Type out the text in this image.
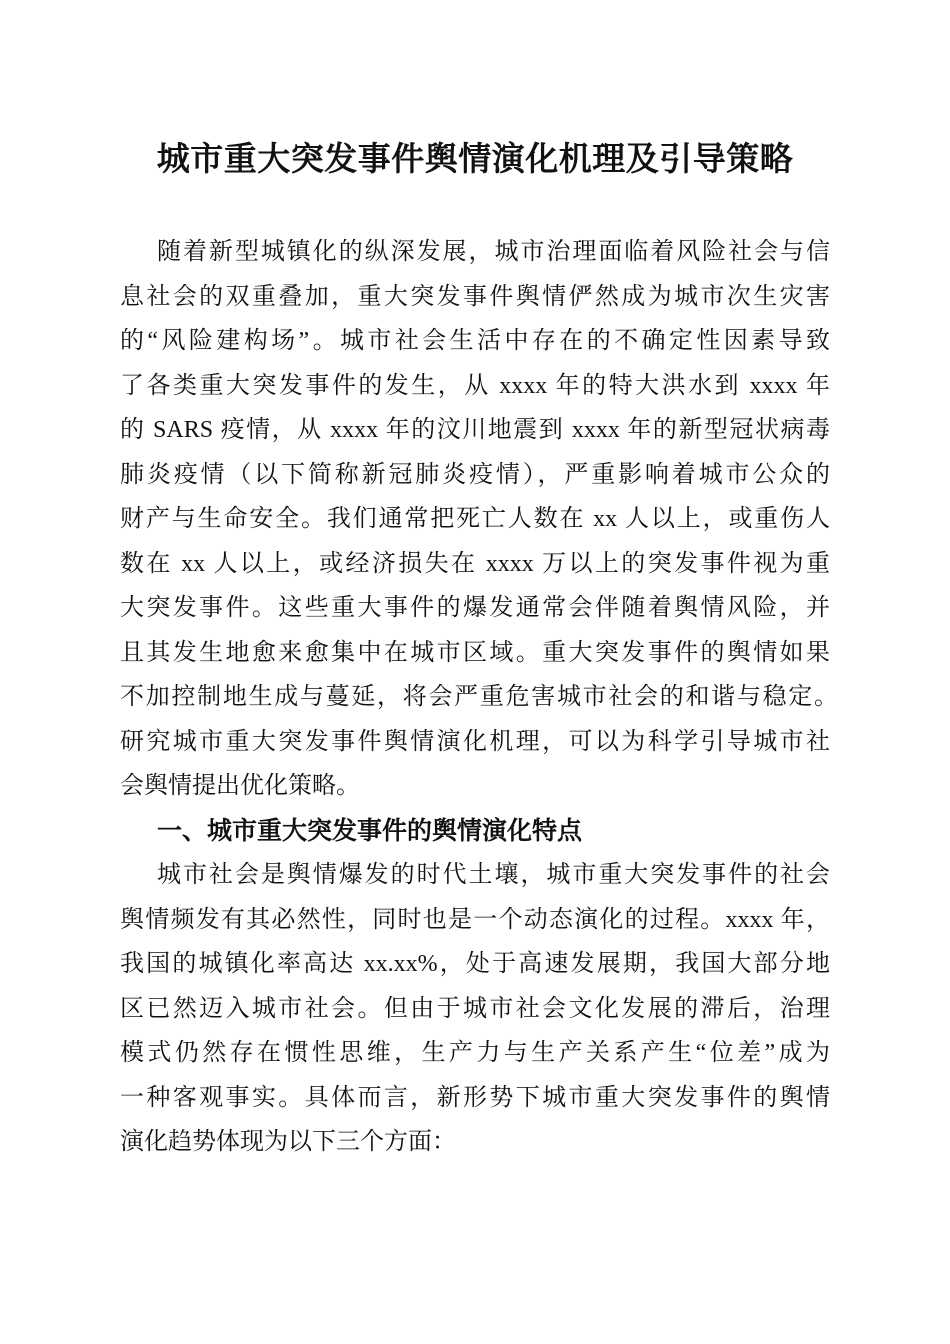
城市重大突发事件舆情演化机理及引导策略
随着新型城镇化的纵深发展，城市治理面临着风险社会与信
息社会的双重叠加，重大突发事件舆情俨然成为城市次生灾害
的“风险建构场”。城市社会生活中存在的不确定性因素导致
了各类重大突发事件的发生，从 xxxx 年的特大洪水到 xxxx 年
的 SARS 疫情，从 xxxx 年的汶川地震到 xxxx 年的新型冠状病毒
肺炎疫情（以下简称新冠肺炎疫情），严重影响着城市公众的
财产与生命安全。我们通常把死亡人数在 xx 人以上，或重伤人
数在 xx 人以上，或经济损失在 xxxx 万以上的突发事件视为重
大突发事件。这些重大事件的爆发通常会伴随着舆情风险，并
且其发生地愈来愈集中在城市区域。重大突发事件的舆情如果
不加控制地生成与蔓延，将会严重危害城市社会的和谐与稳定。
研究城市重大突发事件舆情演化机理，可以为科学引导城市社
会舆情提出优化策略。
一、城市重大突发事件的舆情演化特点
城市社会是舆情爆发的时代土壤，城市重大突发事件的社会
舆情频发有其必然性，同时也是一个动态演化的过程。xxxx 年，
我国的城镇化率高达 xx.xx%，处于高速发展期，我国大部分地
区已然迈入城市社会。但由于城市社会文化发展的滞后，治理
模式仍然存在惯性思维，生产力与生产关系产生“位差”成为
一种客观事实。具体而言，新形势下城市重大突发事件的舆情
演化趋势体现为以下三个方面：
